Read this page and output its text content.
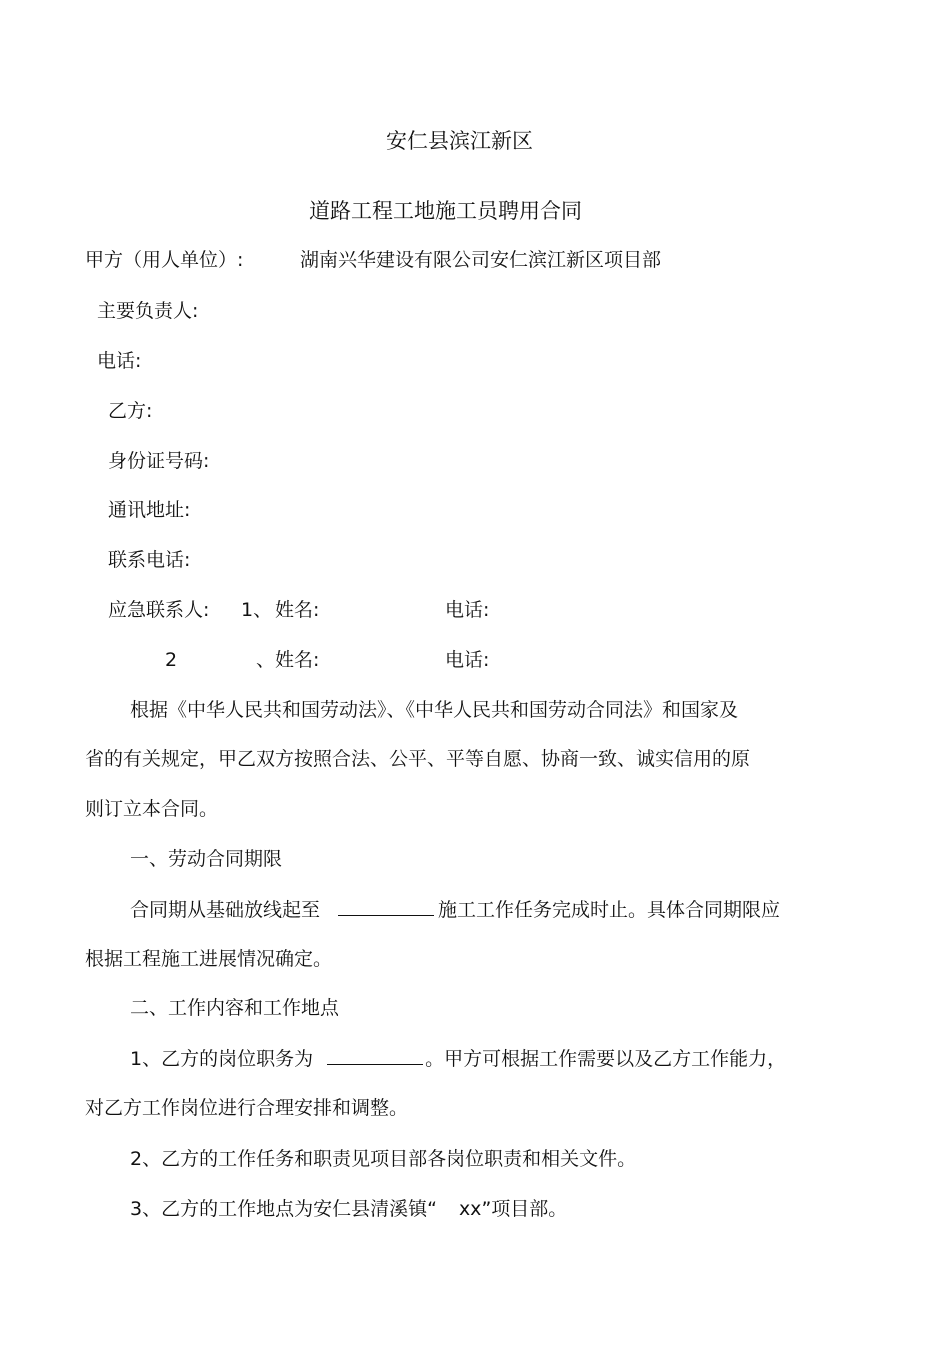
安仁县滨江新区
道路工程工地施工员聘用合同
甲方（用人单位）:	湖南兴华建设有限公司安仁滨江新区项目部
主要负责人:
电话:
乙方:
身份证号码:
通讯地址:
联系电话:
应急联系人: 1、 姓名:	电话:
2	、 姓名:	电话:
根据《中华人民共和国劳动法》、《中华人民共和国劳动合同法》和国家及
省的有关规定，甲乙双方按照合法、公平、平等自愿、协商一致、诚实信用的原
则订立本合同。
一、劳动合同期限
合同期从基础放线起至	施工工作任务完成时止。具体合同期限应
根据工程施工进展情况确定。
二、工作内容和工作地点
1、乙方的岗位职务为	。甲方可根据工作需要以及乙方工作能力，
对乙方工作岗位进行合理安排和调整。
2、乙方的工作任务和职责见项目部各岗位职责和相关文件。
3、乙方的工作地点为安仁县清溪镇“ xx”项目部。
